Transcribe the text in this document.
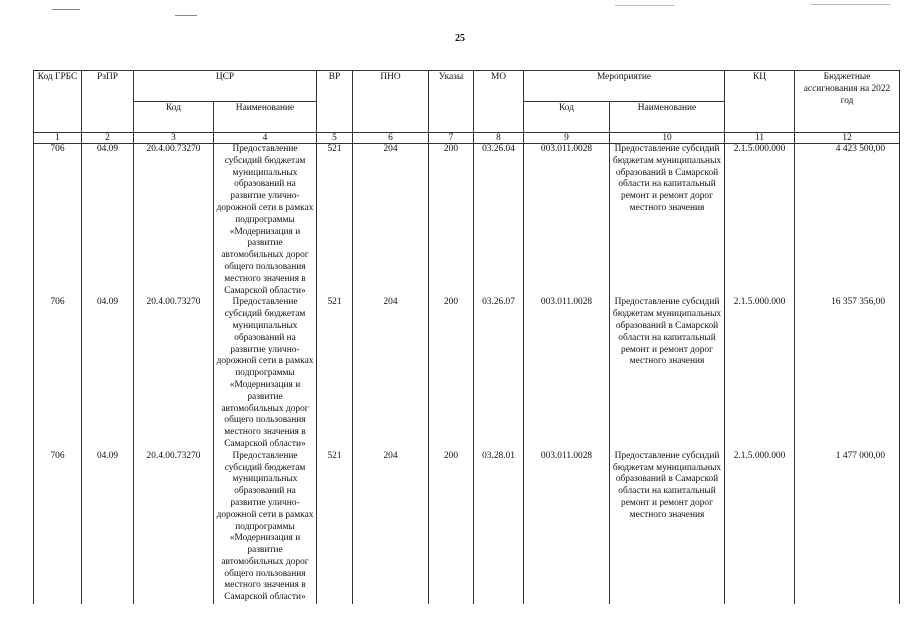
25
Код ГРБС	РзПР	ЦСР		ВР	ПНО	Указы	МО	Мероприятие		КЦ	Бюджетные ассигнования на 2022 год
		Код	Наименование					Код	Наименование		
1	2	3	4	5	6	7	8	9	10	11	12
706	04.09	20.4.00.73270	Предоставление субсидий бюджетам муниципальных образований на развитие улично-дорожной сети в рамках подпрограммы «Модернизация и развитие автомобильных дорог общего пользования местного значения в Самарской области»	521	204	200	03.26.04	003.011.0028	Предоставление субсидий бюджетам муниципальных образований в Самарской области на капитальный ремонт и ремонт дорог местного значения	2.1.5.000.000	4 423 500,00
706	04.09	20.4.00.73270	Предоставление субсидий бюджетам муниципальных образований на развитие улично-дорожной сети в рамках подпрограммы «Модернизация и развитие автомобильных дорог общего пользования местного значения в Самарской области»	521	204	200	03.26.07	003.011.0028	Предоставление субсидий бюджетам муниципальных образований в Самарской области на капитальный ремонт и ремонт дорог местного значения	2.1.5.000.000	16 357 356,00
706	04.09	20.4.00.73270	Предоставление субсидий бюджетам муниципальных образований на развитие улично-дорожной сети в рамках подпрограммы «Модернизация и развитие автомобильных дорог общего пользования местного значения в Самарской области»	521	204	200	03.28.01	003.011.0028	Предоставление субсидий бюджетам муниципальных образований в Самарской области на капитальный ремонт и ремонт дорог местного значения	2.1.5.000.000	1 477 000,00
